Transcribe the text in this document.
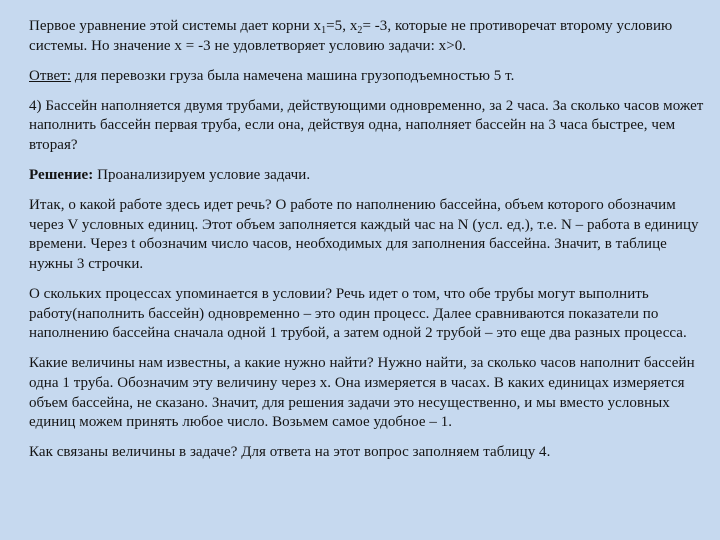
Первое уравнение этой системы дает корни $x_1=5$, $x_2= -3$, которые не противоречат второму условию системы. Но значение x = -3 не удовлетворяет условию задачи: x>0.

Ответ: для перевозки груза была намечена машина грузоподъемностью 5 т.

4) Бассейн наполняется двумя трубами, действующими одновременно, за 2 часа. За сколько часов может наполнить бассейн первая труба, если она, действуя одна, наполняет бассейн на 3 часа быстрее, чем вторая?

Решение: Проанализируем условие задачи.

Итак, о какой работе здесь идет речь? О работе по наполнению бассейна, объем которого обозначим через V условных единиц. Этот объем заполняется каждый час на N (усл. ед.), т.е. N – работа в единицу времени. Через t обозначим число часов, необходимых для заполнения бассейна. Значит, в таблице нужны 3 строчки.

О скольких процессах упоминается в условии? Речь идет о том, что обе трубы могут выполнить работу(наполнить бассейн) одновременно – это один процесс. Далее сравниваются показатели по наполнению бассейна сначала одной 1 трубой, а затем одной 2 трубой – это еще два разных процесса.

Какие величины нам известны, а какие нужно найти? Нужно найти, за сколько часов наполнит бассейн одна 1 труба. Обозначим эту величину через x. Она измеряется в часах. В каких единицах измеряется объем бассейна, не сказано. Значит, для решения задачи это несущественно, и мы вместо условных единиц можем принять любое число. Возьмем самое удобное – 1.

Как связаны величины в задаче? Для ответа на этот вопрос заполняем таблицу 4.
